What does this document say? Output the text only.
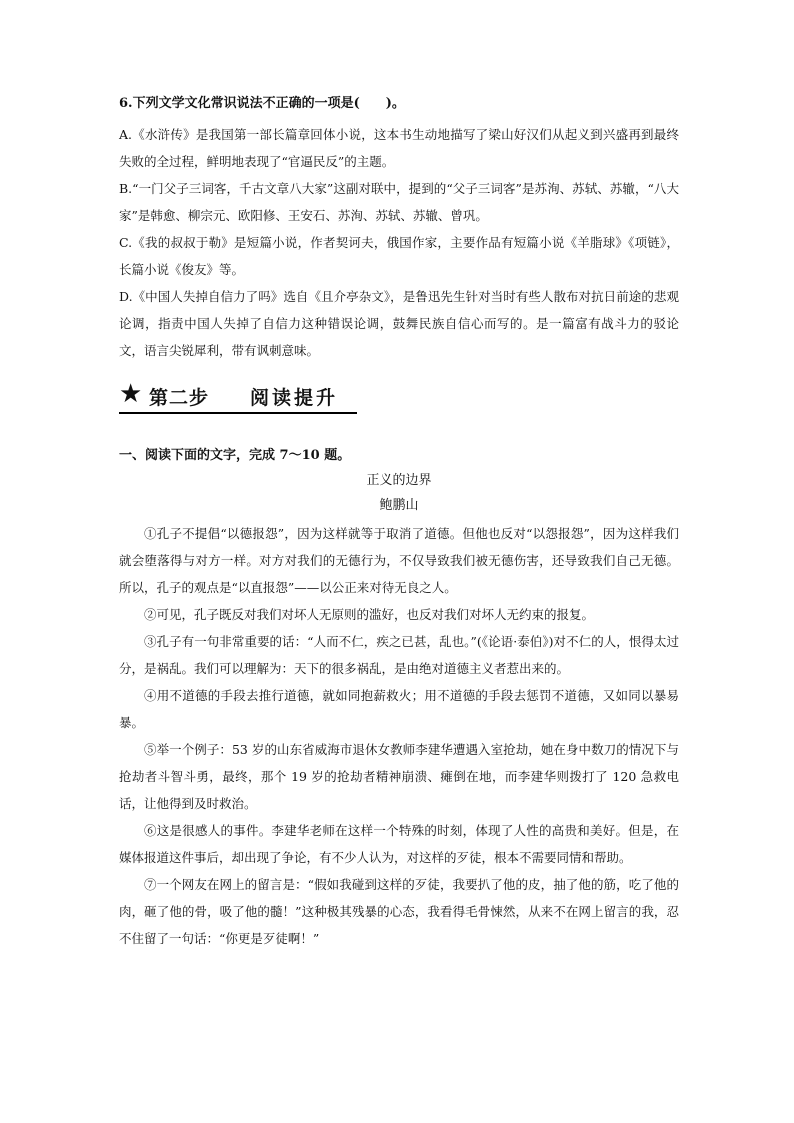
6.下列文学文化常识说法不正确的一项是(　　)。

A.《水浒传》是我国第一部长篇章回体小说，这本书生动地描写了梁山好汉们从起义到兴盛再到最终失败的全过程，鲜明地表现了“官逼民反”的主题。

B.“一门父子三词客，千古文章八大家”这副对联中，提到的“父子三词客”是苏洵、苏轼、苏辙，“八大家”是韩愈、柳宗元、欧阳修、王安石、苏洵、苏轼、苏辙、曾巩。

C.《我的叔叔于勒》是短篇小说，作者契诃夫，俄国作家，主要作品有短篇小说《羊脂球》《项链》，长篇小说《俊友》等。

D.《中国人失掉自信力了吗》选自《且介亭杂文》，是鲁迅先生针对当时有些人散布对抗日前途的悲观论调，指责中国人失掉了自信力这种错误论调，鼓舞民族自信心而写的。是一篇富有战斗力的驳论文，语言尖锐犀利，带有讽刺意味。

★ 第二步 阅读提升
一、阅读下面的文字，完成 7～10 题。
正义的边界
鲍鹏山

①孔子不提倡“以德报怨”，因为这样就等于取消了道德。但他也反对“以怨报怨”，因为这样我们就会堕落得与对方一样。对方对我们的无德行为，不仅导致我们被无德伤害，还导致我们自己无德。所以，孔子的观点是“以直报怨”——以公正来对待无良之人。

②可见，孔子既反对我们对坏人无原则的滥好，也反对我们对坏人无约束的报复。

③孔子有一句非常重要的话：“人而不仁，疾之已甚，乱也。”(《论语·泰伯》)对不仁的人，恨得太过分，是祸乱。我们可以理解为：天下的很多祸乱，是由绝对道德主义者惹出来的。

④用不道德的手段去推行道德，就如同抱薪救火；用不道德的手段去惩罚不道德，又如同以暴易暴。

⑤举一个例子：53 岁的山东省威海市退休女教师李建华遭遇入室抢劫，她在身中数刀的情况下与抢劫者斗智斗勇，最终，那个 19 岁的抢劫者精神崩溃、瘫倒在地，而李建华则拨打了 120 急救电话，让他得到及时救治。

⑥这是很感人的事件。李建华老师在这样一个特殊的时刻，体现了人性的高贵和美好。但是，在媒体报道这件事后，却出现了争论，有不少人认为，对这样的歹徒，根本不需要同情和帮助。

⑦一个网友在网上的留言是：“假如我碰到这样的歹徒，我要扒了他的皮，抽了他的筋，吃了他的肉，砸了他的骨，吸了他的髓！”这种极其残暴的心态，我看得毛骨悚然，从来不在网上留言的我，忍不住留了一句话：“你更是歹徒啊！”
